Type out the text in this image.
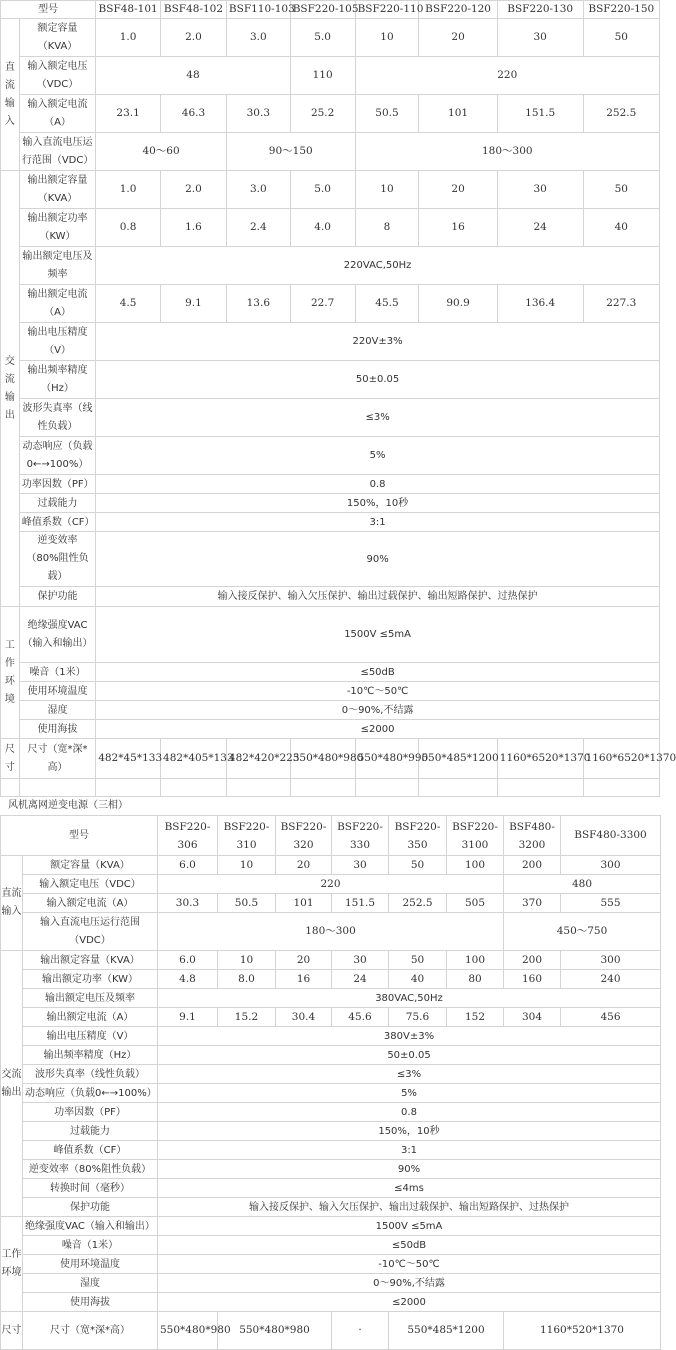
型号		BSF48-101	BSF48-102	BSF110-103	BSF220-105	BSF220-110	BSF220-120	BSF220-130	BSF220-150
直流输入	额定容量（KVA）	1.0	2.0	3.0	5.0	10	20	30	50
	输入额定电压（VDC）	48			110	220			
	输入额定电流（A）	23.1	46.3	30.3	25.2	50.5	101	151.5	252.5
	输入直流电压运行范围（VDC）	40～60		90～150		180～300			
交流输出	输出额定容量（KVA）	1.0	2.0	3.0	5.0	10	20	30	50
	输出额定功率（KW）	0.8	1.6	2.4	4.0	8	16	24	40
	输出额定电压及频率	220VAC,50Hz							
	输出额定电流（A）	4.5	9.1	13.6	22.7	45.5	90.9	136.4	227.3
	输出电压精度（V）	220V±3%							
	输出频率精度（Hz）	50±0.05							
	波形失真率（线性负载）	≤3%							
	动态响应（负载0←→100%）	5%							
	功率因数（PF）	0.8							
	过载能力	150%，10秒							
	峰值系数（CF）	3:1							
	逆变效率（80%阻性负载）	90%							
	保护功能	输入接反保护、输入欠压保护、输出过载保护、输出短路保护、过热保护							
工作环境	绝缘强度VAC（输入和输出）	1500V ≤5mA							
	噪音（1米）	≤50dB							
	使用环境温度	-10℃～50℃							
	湿度	0～90%,不结露							
	使用海拔	≤2000							
尺寸	尺寸（宽*深*高）	482*45*133	482*405*133	482*420*223	550*480*980	550*480*990	550*485*1200	1160*6520*1370	1160*6520*1370

风机离网逆变电源（三相）
型号		BSF220-306	BSF220-310	BSF220-320	BSF220-330	BSF220-350	BSF220-3100	BSF480-3200	BSF480-3300	
直流输入	额定容量（KVA）	6.0	10	20	30	50	100	200	300	
	输入额定电压（VDC）	220						480		
	输入额定电流（A）	30.3	50.5	101	151.5	252.5	505	370	555	
	输入直流电压运行范围（VDC）	180～300						450～750		
交流输出	输出额定容量（KVA）	6.0	10	20	30	50	100	200	300	
	输出额定功率（KW）	4.8	8.0	16	24	40	80	160	240	
	输出额定电压及频率	380VAC,50Hz								
	输出额定电流（A）	9.1	15.2	30.4	45.6	75.6	152	304	456	
	输出电压精度（V）	380V±3%								
	输出频率精度（Hz）	50±0.05								
	波形失真率（线性负载）	≤3%								
	动态响应（负载0←→100%）	5%								
	功率因数（PF）	0.8								
	过载能力	150%，10秒								
	峰值系数（CF）	3:1								
	逆变效率（80%阻性负载）	90%								
	转换时间（毫秒）	≤4ms								
	保护功能	输入接反保护、输入欠压保护、输出过载保护、输出短路保护、过热保护								
工作环境	绝缘强度VAC（输入和输出）	1500V ≤5mA								
	噪音（1米）	≤50dB								
	使用环境温度	-10℃～50℃								
	湿度	0～90%,不结露								
	使用海拔	≤2000								
尺寸	尺寸（宽*深*高）	550*480*980	550*480*980		·	550*485*1200		1160*520*1370	
